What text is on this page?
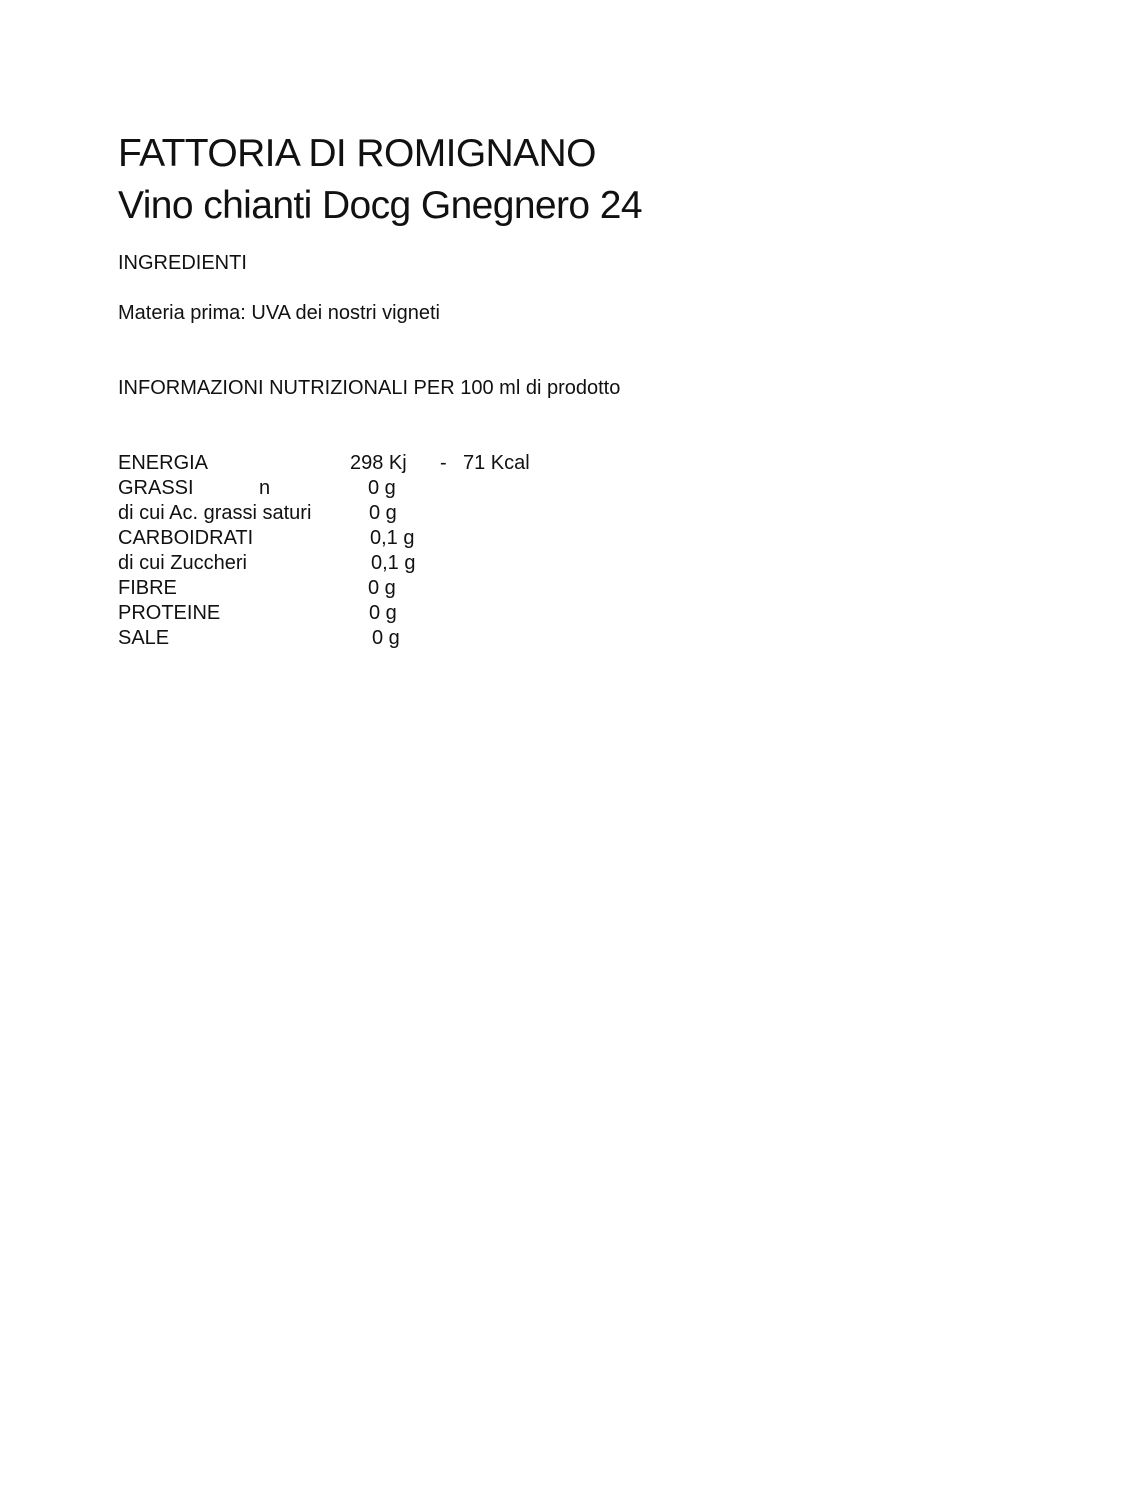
FATTORIA DI ROMIGNANO
Vino chianti Docg Gnegnero 24
INGREDIENTI
Materia prima: UVA dei nostri vigneti
INFORMAZIONI NUTRIZIONALI PER 100 ml di prodotto
ENERGIA	298 Kj - 71 Kcal
GRASSI	n	0 g
di cui Ac. grassi saturi	0 g
CARBOIDRATI	0,1 g
di cui Zuccheri	0,1 g
FIBRE	0 g
PROTEINE	0 g
SALE	0 g
